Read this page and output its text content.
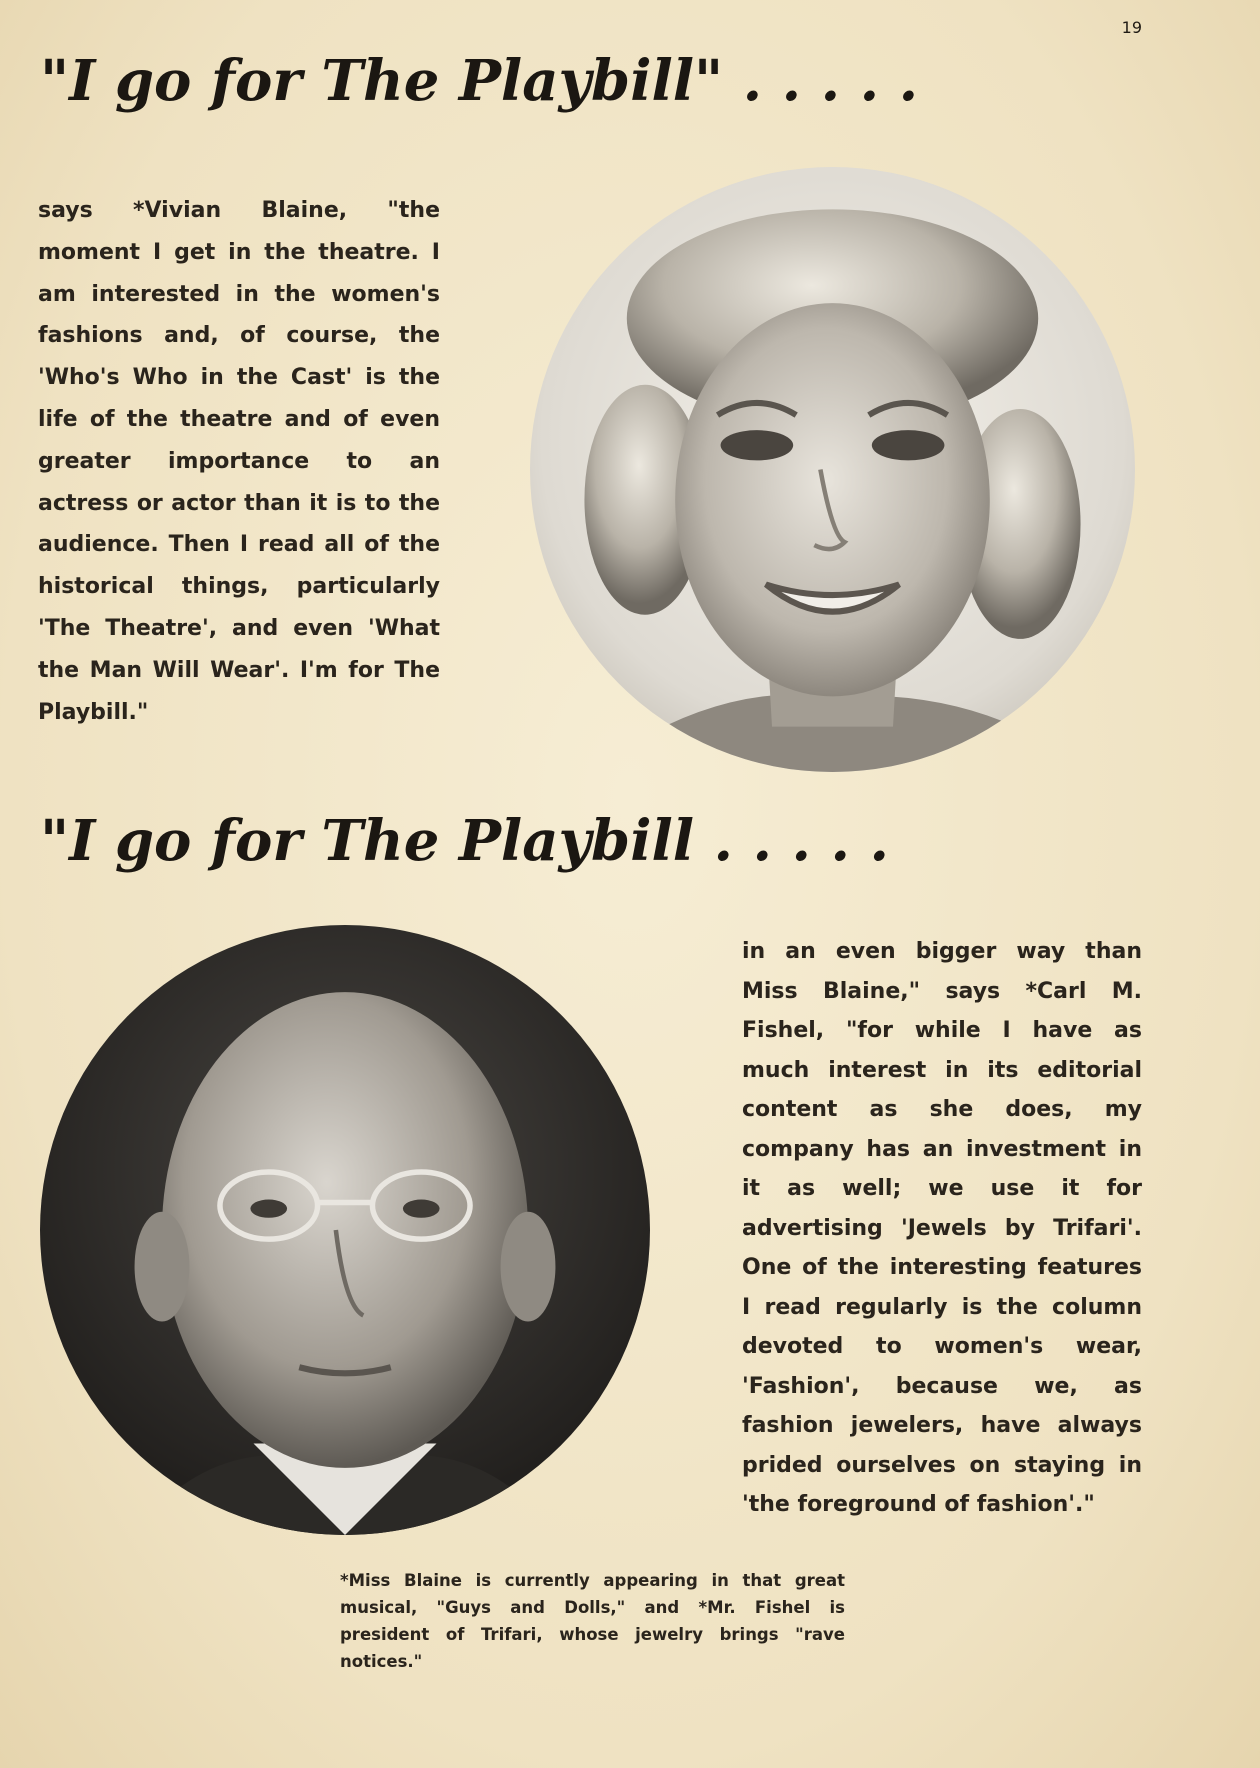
19
"I go for The Playbill" . . . . .
says *Vivian Blaine, "the moment I get in the theatre. I am interested in the women's fashions and, of course, the 'Who's Who in the Cast' is the life of the theatre and of even greater importance to an actress or actor than it is to the audience. Then I read all of the historical things, particularly 'The Theatre', and even 'What the Man Will Wear'. I'm for The Playbill."
"I go for The Playbill . . . . .
in an even bigger way than Miss Blaine," says *Carl M. Fishel, "for while I have as much interest in its editorial content as she does, my company has an investment in it as well; we use it for advertising 'Jewels by Trifari'. One of the interesting features I read regularly is the column devoted to women's wear, 'Fashion', because we, as fashion jewelers, have always prided ourselves on staying in 'the foreground of fashion'."
*Miss Blaine is currently appearing in that great musical, "Guys and Dolls," and *Mr. Fishel is president of Trifari, whose jewelry brings "rave notices."
